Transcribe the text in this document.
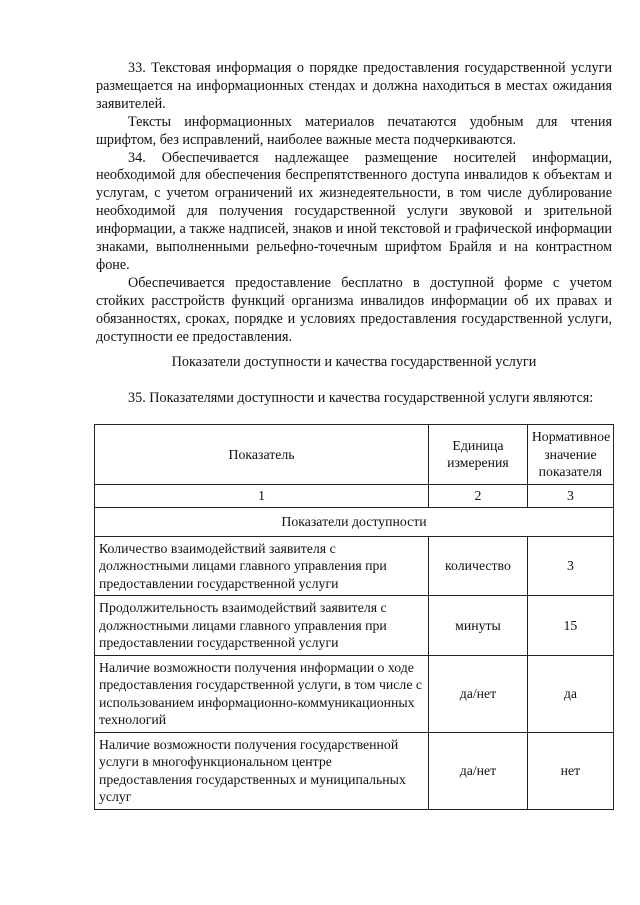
33. Текстовая информация о порядке предоставления государственной услуги размещается на информационных стендах и должна находиться в местах ожидания заявителей.

Тексты информационных материалов печатаются удобным для чтения шрифтом, без исправлений, наиболее важные места подчеркиваются.

34. Обеспечивается надлежащее размещение носителей информации, необходимой для обеспечения беспрепятственного доступа инвалидов к объектам и услугам, с учетом ограничений их жизнедеятельности, в том числе дублирование необходимой для получения государственной услуги звуковой и зрительной информации, а также надписей, знаков и иной текстовой и графической информации знаками, выполненными рельефно-точечным шрифтом Брайля и на контрастном фоне.

Обеспечивается предоставление бесплатно в доступной форме с учетом стойких расстройств функций организма инвалидов информации об их правах и обязанностях, сроках, порядке и условиях предоставления государственной услуги, доступности ее предоставления.

Показатели доступности и качества государственной услуги

35. Показателями доступности и качества государственной услуги являются:

Показатель	Единица измерения	Нормативное значение показателя
1	2	3
Показатели доступности		
Количество взаимодействий заявителя с должностными лицами главного управления при предоставлении государственной услуги	количество	3
Продолжительность взаимодействий заявителя с должностными лицами главного управления при предоставлении государственной услуги	минуты	15
Наличие возможности получения информации о ходе предоставления государственной услуги, в том числе с использованием информационно-коммуникационных технологий	да/нет	да
Наличие возможности получения государственной услуги в многофункциональном центре предоставления государственных и муниципальных услуг	да/нет	нет
